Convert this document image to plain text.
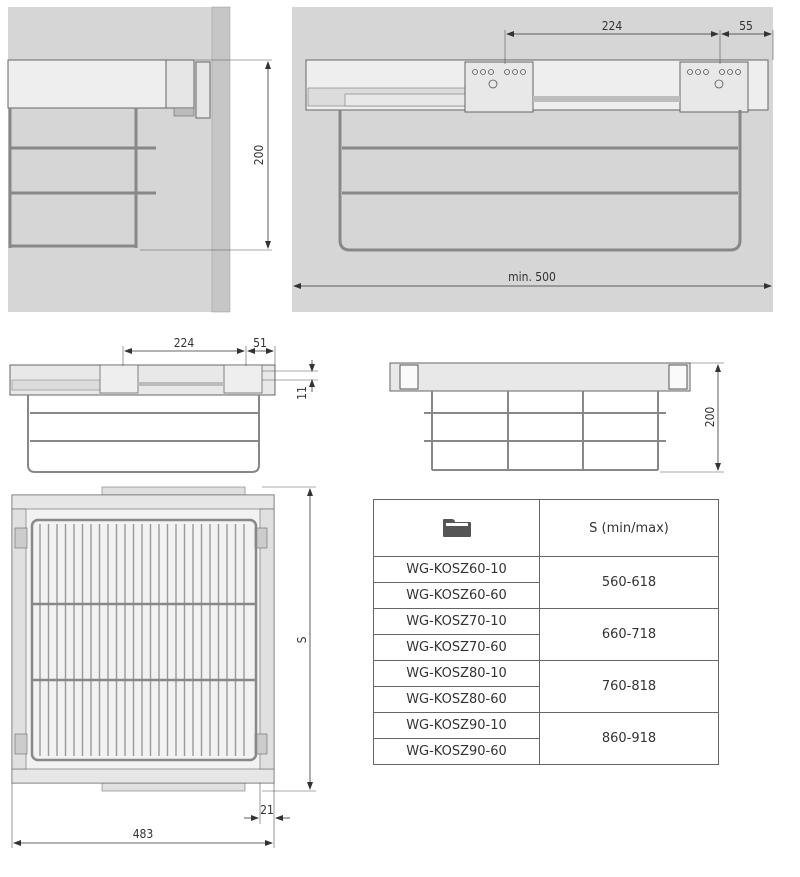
200
224	55
min. 500
224	51
11
200
S
21
483
	S (min/max)
WG-KOSZ60-10	560-618
WG-KOSZ60-60	
WG-KOSZ70-10	660-718
WG-KOSZ70-60	
WG-KOSZ80-10	760-818
WG-KOSZ80-60	
WG-KOSZ90-10	860-918
WG-KOSZ90-60	
